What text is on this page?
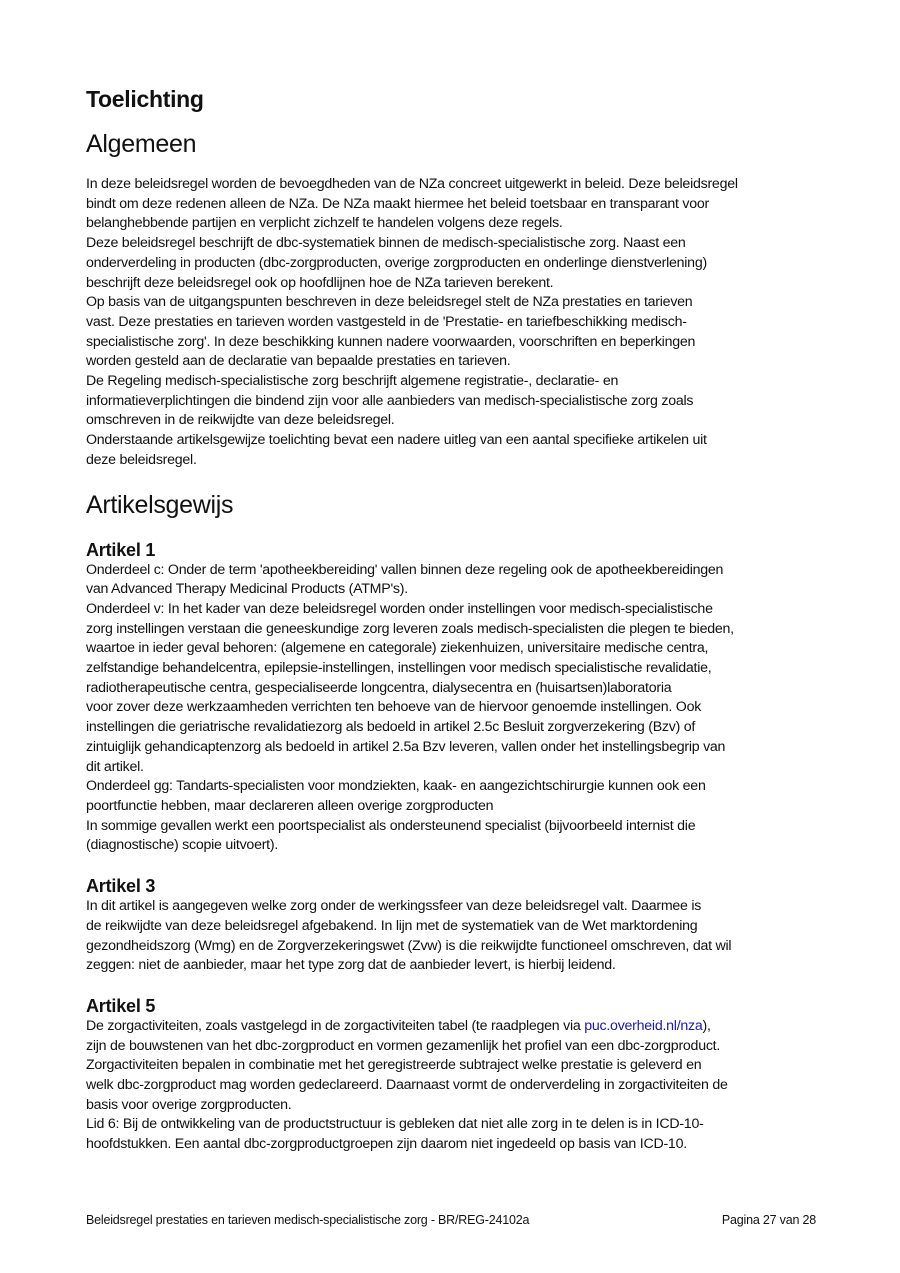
Toelichting
Algemeen
In deze beleidsregel worden de bevoegdheden van de NZa concreet uitgewerkt in beleid. Deze beleidsregel
bindt om deze redenen alleen de NZa. De NZa maakt hiermee het beleid toetsbaar en transparant voor
belanghebbende partijen en verplicht zichzelf te handelen volgens deze regels.
Deze beleidsregel beschrijft de dbc-systematiek binnen de medisch-specialistische zorg. Naast een
onderverdeling in producten (dbc-zorgproducten, overige zorgproducten en onderlinge dienstverlening)
beschrijft deze beleidsregel ook op hoofdlijnen hoe de NZa tarieven berekent.
Op basis van de uitgangspunten beschreven in deze beleidsregel stelt de NZa prestaties en tarieven
vast. Deze prestaties en tarieven worden vastgesteld in de 'Prestatie- en tariefbeschikking medisch-
specialistische zorg'. In deze beschikking kunnen nadere voorwaarden, voorschriften en beperkingen
worden gesteld aan de declaratie van bepaalde prestaties en tarieven.
De Regeling medisch-specialistische zorg beschrijft algemene registratie-, declaratie- en
informatieverplichtingen die bindend zijn voor alle aanbieders van medisch-specialistische zorg zoals
omschreven in de reikwijdte van deze beleidsregel.
Onderstaande artikelsgewijze toelichting bevat een nadere uitleg van een aantal specifieke artikelen uit
deze beleidsregel.
Artikelsgewijs
Artikel 1
Onderdeel c: Onder de term 'apotheekbereiding' vallen binnen deze regeling ook de apotheekbereidingen
van Advanced Therapy Medicinal Products (ATMP's).
Onderdeel v: In het kader van deze beleidsregel worden onder instellingen voor medisch-specialistische
zorg instellingen verstaan die geneeskundige zorg leveren zoals medisch-specialisten die plegen te bieden,
waartoe in ieder geval behoren: (algemene en categorale) ziekenhuizen, universitaire medische centra,
zelfstandige behandelcentra, epilepsie-instellingen, instellingen voor medisch specialistische revalidatie,
radiotherapeutische centra, gespecialiseerde longcentra, dialysecentra en (huisartsen)laboratoria
voor zover deze werkzaamheden verrichten ten behoeve van de hiervoor genoemde instellingen. Ook
instellingen die geriatrische revalidatiezorg als bedoeld in artikel 2.5c Besluit zorgverzekering (Bzv) of
zintuiglijk gehandicaptenzorg als bedoeld in artikel 2.5a Bzv leveren, vallen onder het instellingsbegrip van
dit artikel.
Onderdeel gg: Tandarts-specialisten voor mondziekten, kaak- en aangezichtschirurgie kunnen ook een
poortfunctie hebben, maar declareren alleen overige zorgproducten
In sommige gevallen werkt een poortspecialist als ondersteunend specialist (bijvoorbeeld internist die
(diagnostische) scopie uitvoert).
Artikel 3
In dit artikel is aangegeven welke zorg onder de werkingssfeer van deze beleidsregel valt. Daarmee is
de reikwijdte van deze beleidsregel afgebakend. In lijn met de systematiek van de Wet marktordening
gezondheidszorg (Wmg) en de Zorgverzekeringswet (Zvw) is die reikwijdte functioneel omschreven, dat wil
zeggen: niet de aanbieder, maar het type zorg dat de aanbieder levert, is hierbij leidend.
Artikel 5
De zorgactiviteiten, zoals vastgelegd in de zorgactiviteiten tabel (te raadplegen via puc.overheid.nl/nza),
zijn de bouwstenen van het dbc-zorgproduct en vormen gezamenlijk het profiel van een dbc-zorgproduct.
Zorgactiviteiten bepalen in combinatie met het geregistreerde subtraject welke prestatie is geleverd en
welk dbc-zorgproduct mag worden gedeclareerd. Daarnaast vormt de onderverdeling in zorgactiviteiten de
basis voor overige zorgproducten.
Lid 6: Bij de ontwikkeling van de productstructuur is gebleken dat niet alle zorg in te delen is in ICD-10-
hoofdstukken. Een aantal dbc-zorgproductgroepen zijn daarom niet ingedeeld op basis van ICD-10.
Beleidsregel prestaties en tarieven medisch-specialistische zorg - BR/REG-24102a	Pagina 27 van 28
